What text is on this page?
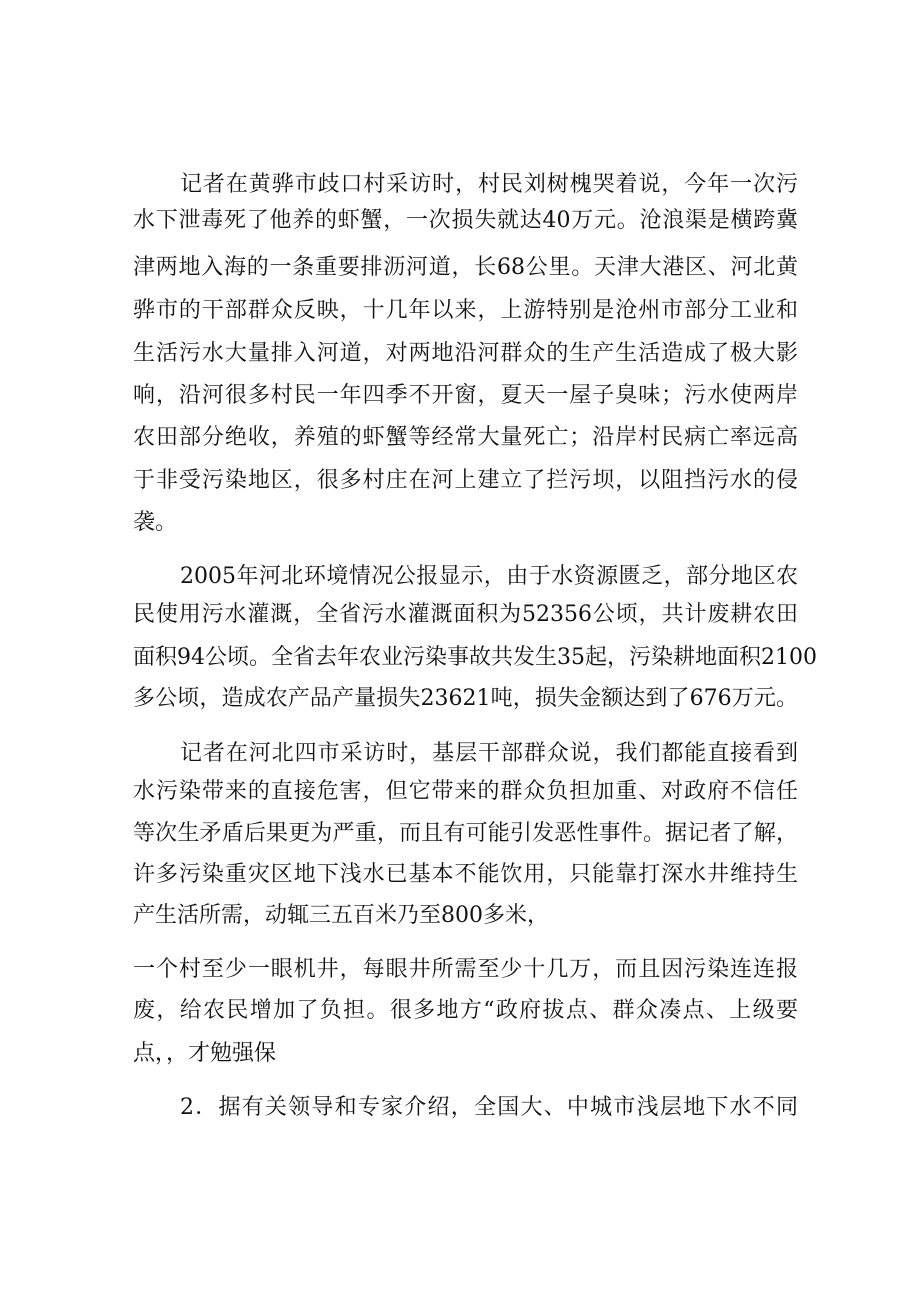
记者在黄骅市歧口村采访时，村民刘树槐哭着说，今年一次污
水下泄毒死了他养的虾蟹，一次损失就达40万元。沧浪渠是横跨冀
津两地入海的一条重要排沥河道，长68公里。天津大港区、河北黄
骅市的干部群众反映，十几年以来，上游特别是沧州市部分工业和
生活污水大量排入河道，对两地沿河群众的生产生活造成了极大影
响，沿河很多村民一年四季不开窗，夏天一屋子臭味；污水使两岸
农田部分绝收，养殖的虾蟹等经常大量死亡；沿岸村民病亡率远高
于非受污染地区，很多村庄在河上建立了拦污坝，以阻挡污水的侵
袭。
2005年河北环境情况公报显示，由于水资源匮乏，部分地区农
民使用污水灌溉，全省污水灌溉面积为52356公顷，共计废耕农田
面积94公顷。全省去年农业污染事故共发生35起，污染耕地面积2100
多公顷，造成农产品产量损失23621吨，损失金额达到了676万元。
记者在河北四市采访时，基层干部群众说，我们都能直接看到
水污染带来的直接危害，但它带来的群众负担加重、对政府不信任
等次生矛盾后果更为严重，而且有可能引发恶性事件。据记者了解，
许多污染重灾区地下浅水已基本不能饮用，只能靠打深水井维持生
产生活所需，动辄三五百米乃至800多米，
一个村至少一眼机井，每眼井所需至少十几万，而且因污染连连报
废，给农民增加了负担。很多地方“政府拔点、群众凑点、上级要
点，，才勉强保
2．据有关领导和专家介绍，全国大、中城市浅层地下水不同
